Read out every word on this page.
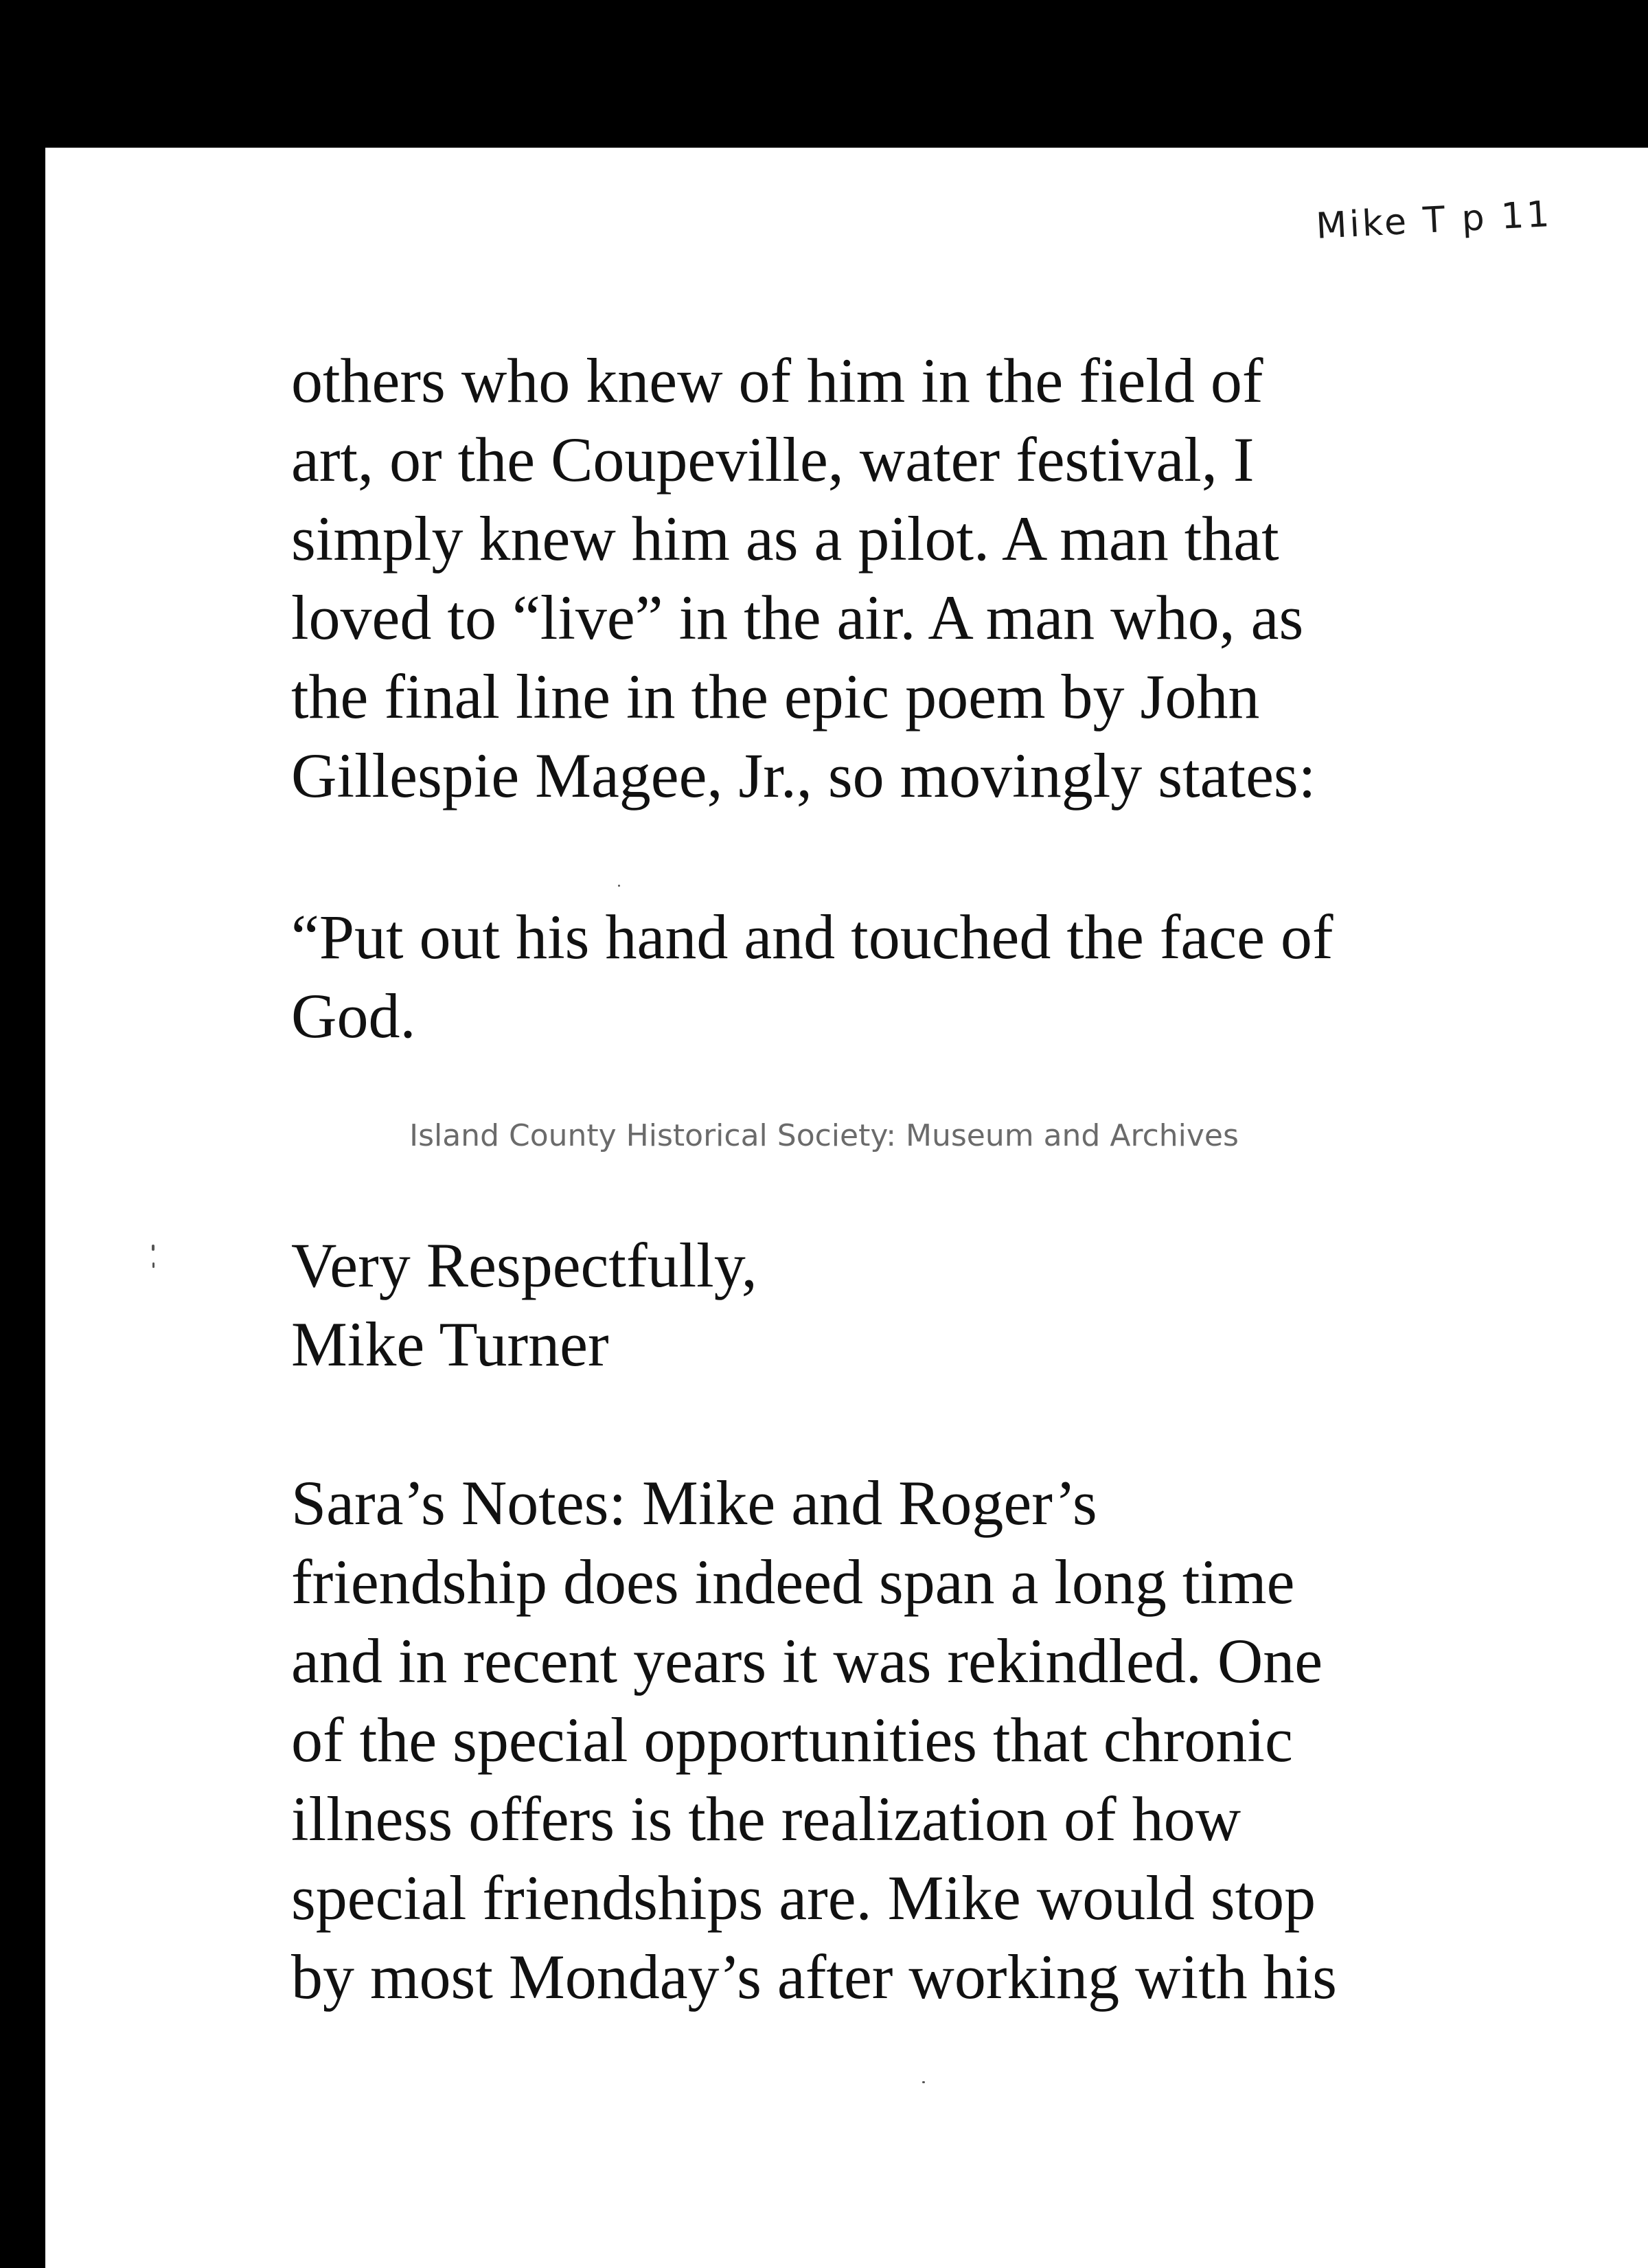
Mike T p 11
others who knew of him in the field of
art, or the Coupeville, water festival, I
simply knew him as a pilot. A man that
loved to “live” in the air. A man who, as
the final line in the epic poem by John
Gillespie Magee, Jr., so movingly states:
“Put out his hand and touched the face of
God.
Island County Historical Society: Museum and Archives
Very Respectfully,
Mike Turner
Sara’s Notes: Mike and Roger’s
friendship does indeed span a long time
and in recent years it was rekindled. One
of the special opportunities that chronic
illness offers is the realization of how
special friendships are. Mike would stop
by most Monday’s after working with his
